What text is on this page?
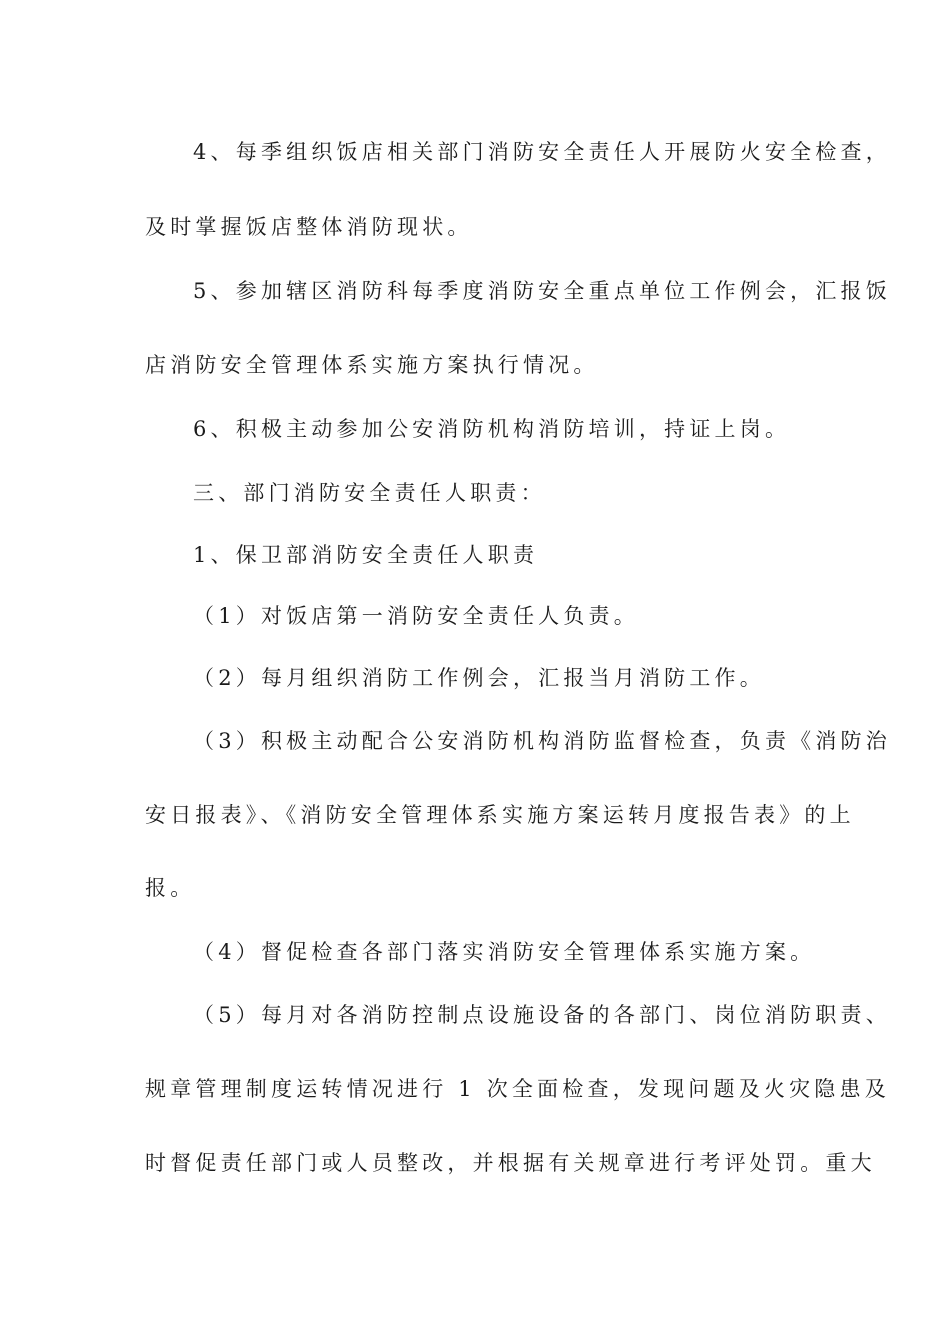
4、每季组织饭店相关部门消防安全责任人开展防火安全检查，
及时掌握饭店整体消防现状。
5、参加辖区消防科每季度消防安全重点单位工作例会，汇报饭
店消防安全管理体系实施方案执行情况。
6、积极主动参加公安消防机构消防培训，持证上岗。
三、部门消防安全责任人职责：
1、保卫部消防安全责任人职责
（1）对饭店第一消防安全责任人负责。
（2）每月组织消防工作例会，汇报当月消防工作。
（3）积极主动配合公安消防机构消防监督检查，负责《消防治
安日报表》、《消防安全管理体系实施方案运转月度报告表》的上
报。
（4）督促检查各部门落实消防安全管理体系实施方案。
（5）每月对各消防控制点设施设备的各部门、岗位消防职责、
规章管理制度运转情况进行 1 次全面检查，发现问题及火灾隐患及
时督促责任部门或人员整改，并根据有关规章进行考评处罚。重大
